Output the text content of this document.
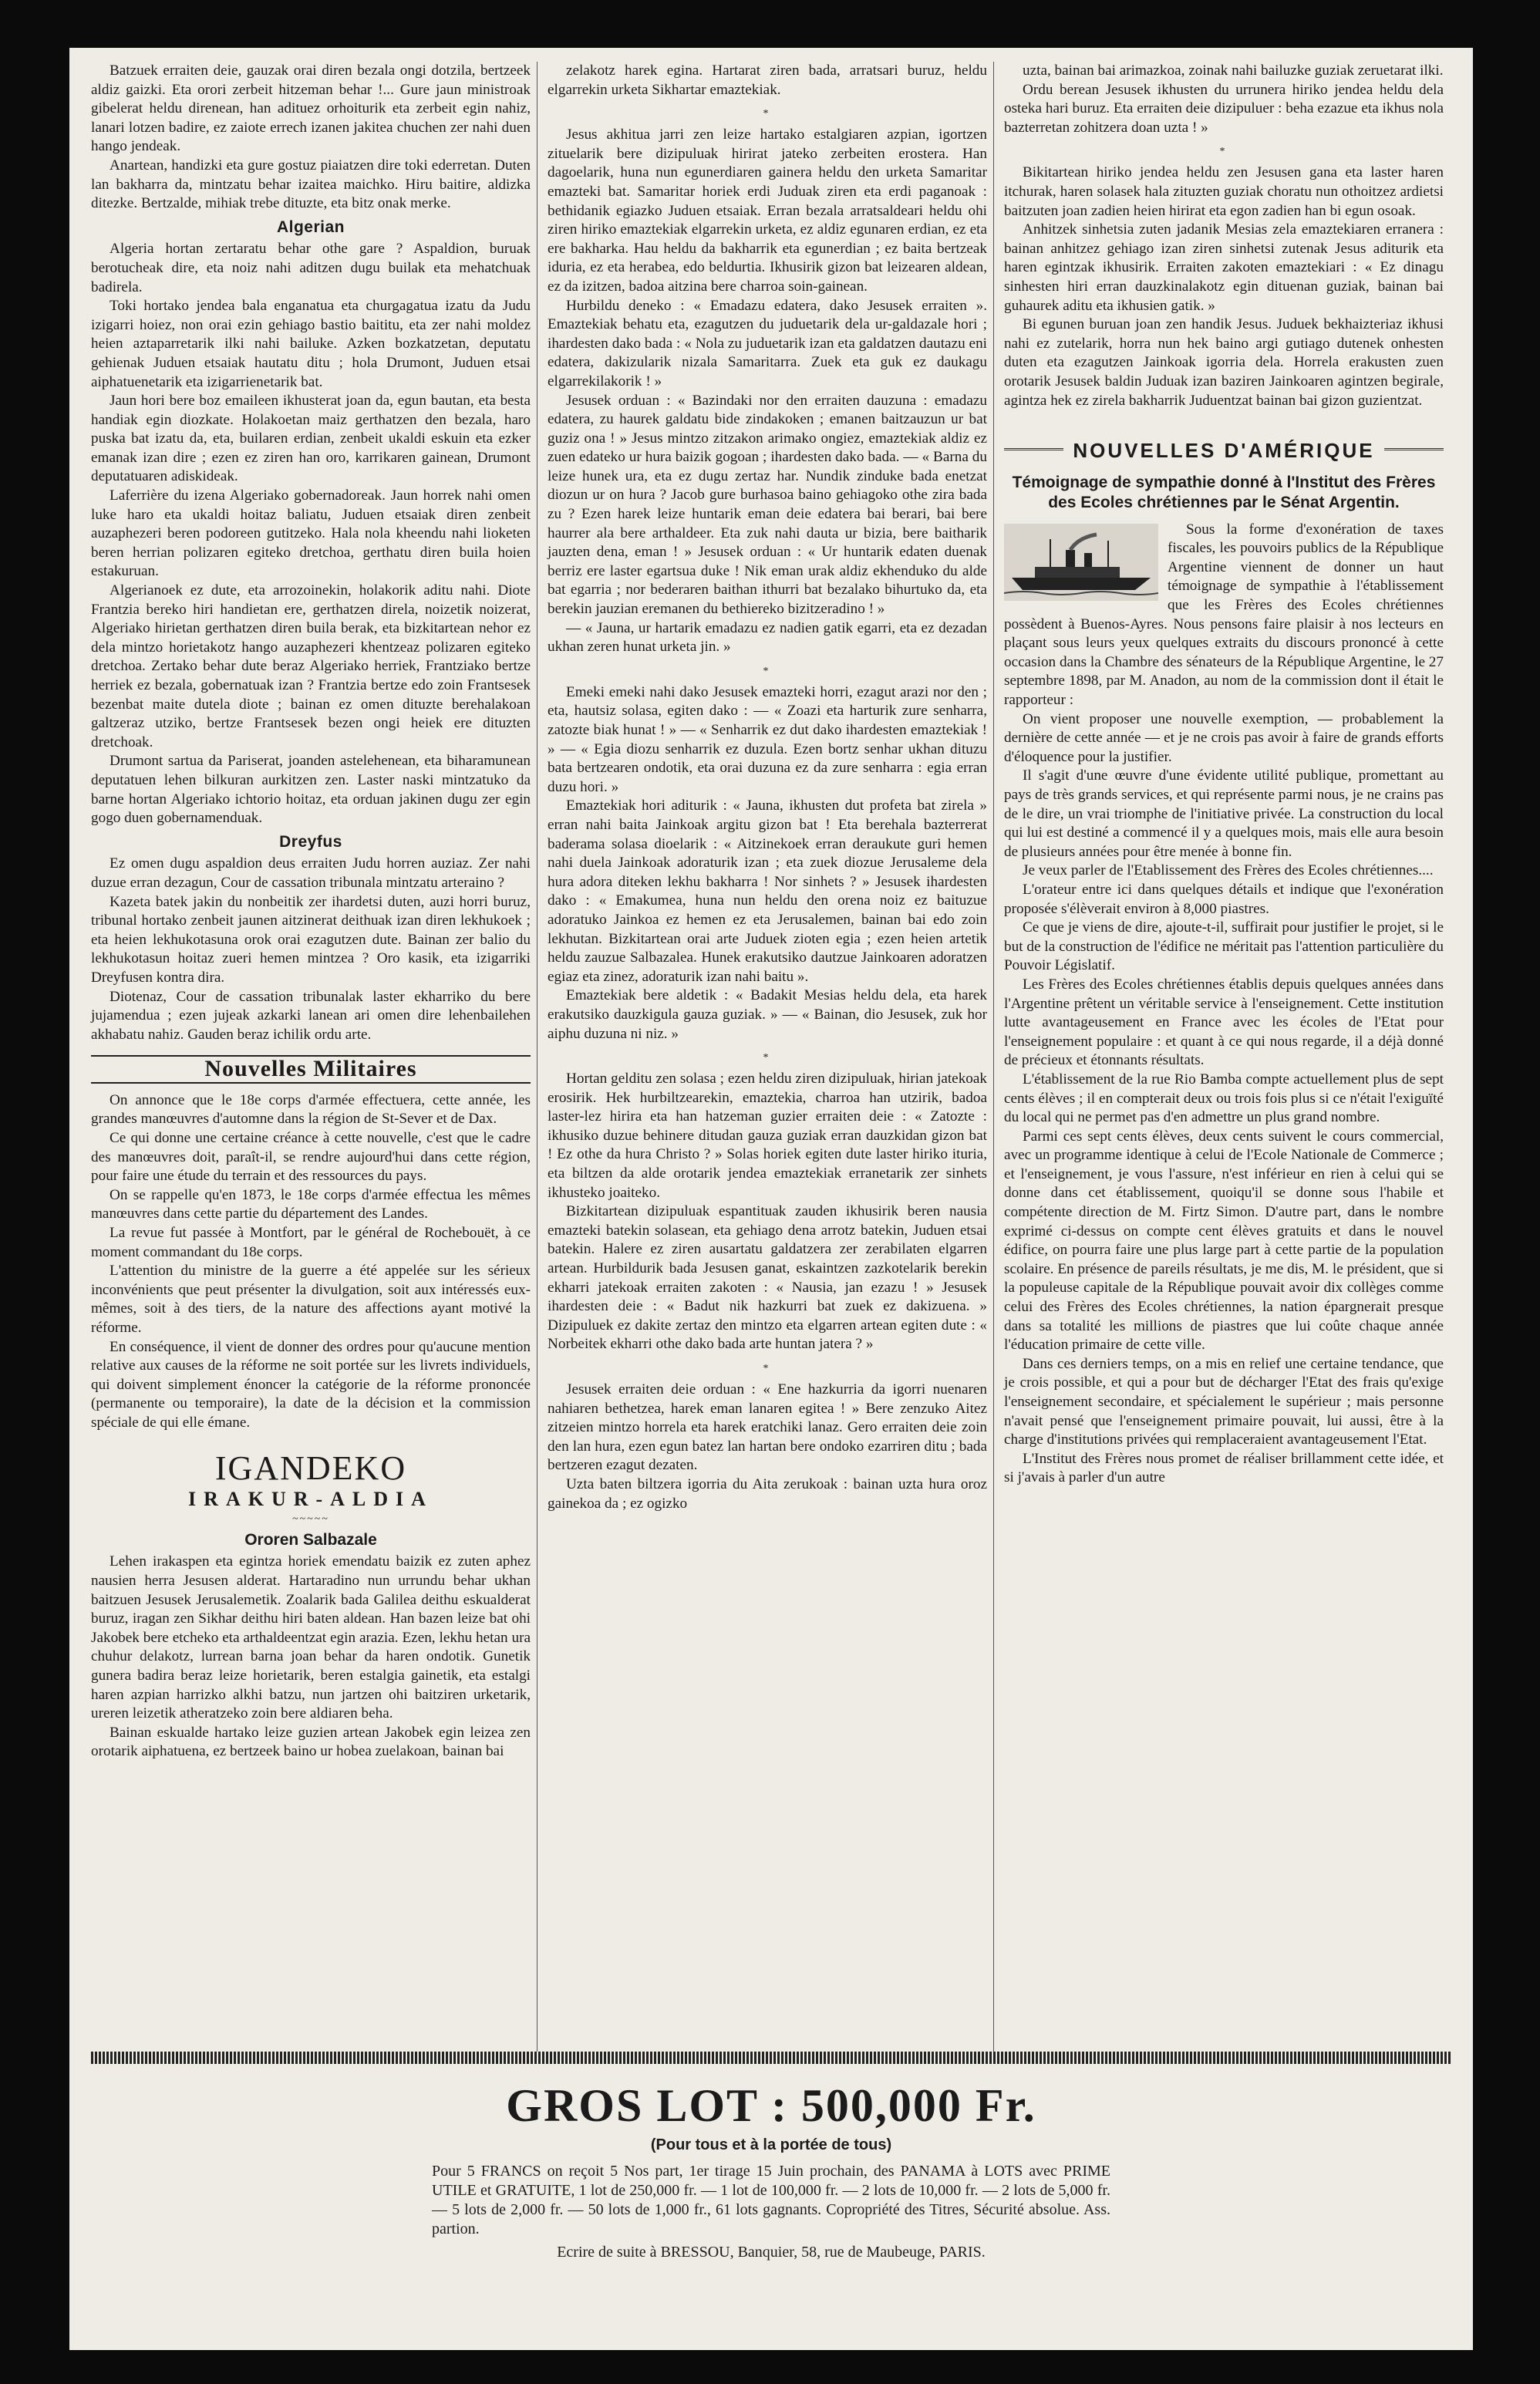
Batzuek erraiten deie, gauzak orai diren bezala ongi dotzila, bertzeek aldiz gaizki. Eta orori zerbeit hitzeman behar !... Gure jaun ministroak gibelerat heldu direnean, han adituez orhoiturik eta zerbeit egin nahiz, lanari lotzen badire, ez zaiote errech izanen jakitea chuchen zer nahi duen hango jendeak.

Anartean, handizki eta gure gostuz piaiatzen dire toki ederretan. Duten lan bakharra da, mintzatu behar izaitea maichko. Hiru baitire, aldizka ditezke. Bertzalde, mihiak trebe dituzte, eta bitz onak merke.

Algerian

Algeria hortan zertaratu behar othe gare ? Aspaldion, buruak berotucheak dire, eta noiz nahi aditzen dugu builak eta mehatchuak badirela.

Toki hortako jendea bala enganatua eta churgagatua izatu da Judu izigarri hoiez, non orai ezin gehiago bastio baititu, eta zer nahi moldez heien aztaparretarik ilki nahi bailuke. Azken bozkatzetan, deputatu gehienak Juduen etsaiak hautatu ditu ; hola Drumont, Juduen etsai aiphatuenetarik eta izigarrienetarik bat.

Jaun hori bere boz emaileen ikhusterat joan da, egun bautan, eta besta handiak egin diozkate. Holakoetan maiz gerthatzen den bezala, haro puska bat izatu da, eta, builaren erdian, zenbeit ukaldi eskuin eta ezker emanak izan dire ; ezen ez ziren han oro, karrikaren gainean, Drumont deputatuaren adiskideak.

Laferrière du izena Algeriako gobernadoreak. Jaun horrek nahi omen luke haro eta ukaldi hoitaz baliatu, Juduen etsaiak diren zenbeit auzaphezeri beren podoreen gutitzeko. Hala nola kheendu nahi lioketen beren herrian polizaren egiteko dretchoa, gerthatu diren buila hoien estakuruan.

Algerianoek ez dute, eta arrozoinekin, holakorik aditu nahi. Diote Frantzia bereko hiri handietan ere, gerthatzen direla, noizetik noizerat, Algeriako hirietan gerthatzen diren buila berak, eta bizkitartean nehor ez dela mintzo horietakotz hango auzaphezeri khentzeaz polizaren egiteko dretchoa. Zertako behar dute beraz Algeriako herriek, Frantziako bertze herriek ez bezala, gobernatuak izan ? Frantzia bertze edo zoin Frantsesek bezenbat maite dutela diote ; bainan ez omen dituzte berehalakoan galtzeraz utziko, bertze Frantsesek bezen ongi heiek ere dituzten dretchoak.

Drumont sartua da Pariserat, joanden astelehenean, eta biharamunean deputatuen lehen bilkuran aurkitzen zen. Laster naski mintzatuko da barne hortan Algeriako ichtorio hoitaz, eta orduan jakinen dugu zer egin gogo duen gobernamenduak.

Dreyfus

Ez omen dugu aspaldion deus erraiten Judu horren auziaz. Zer nahi duzue erran dezagun, Cour de cassation tribunala mintzatu arteraino ?

Kazeta batek jakin du nonbeitik zer ihardetsi duten, auzi horri buruz, tribunal hortako zenbeit jaunen aitzinerat deithuak izan diren lekhukoek ; eta heien lekhukotasuna orok orai ezagutzen dute. Bainan zer balio du lekhukotasun hoitaz zueri hemen mintzea ? Oro kasik, eta izigarriki Dreyfusen kontra dira.

Diotenaz, Cour de cassation tribunalak laster ekharriko du bere jujamendua ; ezen jujeak azkarki lanean ari omen dire lehenbailehen akhabatu nahiz. Gauden beraz ichilik ordu arte.

Nouvelles Militaires

On annonce que le 18e corps d'armée effectuera, cette année, les grandes manœuvres d'automne dans la région de St-Sever et de Dax.

Ce qui donne une certaine créance à cette nouvelle, c'est que le cadre des manœuvres doit, paraît-il, se rendre aujourd'hui dans cette région, pour faire une étude du terrain et des ressources du pays.

On se rappelle qu'en 1873, le 18e corps d'armée effectua les mêmes manœuvres dans cette partie du département des Landes.

La revue fut passée à Montfort, par le général de Rochebouët, à ce moment commandant du 18e corps.

L'attention du ministre de la guerre a été appelée sur les sérieux inconvénients que peut présenter la divulgation, soit aux intéressés eux-mêmes, soit à des tiers, de la nature des affections ayant motivé la réforme.

En conséquence, il vient de donner des ordres pour qu'aucune mention relative aux causes de la réforme ne soit portée sur les livrets individuels, qui doivent simplement énoncer la catégorie de la réforme prononcée (permanente ou temporaire), la date de la décision et la commission spéciale de qui elle émane.

IGANDEKO
IRAKUR-ALDIA
~~~~~
Ororen Salbazale

Lehen irakaspen eta egintza horiek emendatu baizik ez zuten aphez nausien herra Jesusen alderat. Hartaradino nun urrundu behar ukhan baitzuen Jesusek Jerusalemetik. Zoalarik bada Galilea deithu eskualderat buruz, iragan zen Sikhar deithu hiri baten aldean. Han bazen leize bat ohi Jakobek bere etcheko eta arthaldeentzat egin arazia. Ezen, lekhu hetan ura chuhur delakotz, lurrean barna joan behar da haren ondotik. Gunetik gunera badira beraz leize horietarik, beren estalgia gainetik, eta estalgi haren azpian harrizko alkhi batzu, nun jartzen ohi baitziren urketarik, ureren leizetik atheratzeko zoin bere aldiaren beha.

Bainan eskualde hartako leize guzien artean Jakobek egin leizea zen orotarik aiphatuena, ez bertzeek baino ur hobea zuelakoan, bainan bai

zelakotz harek egina. Hartarat ziren bada, arratsari buruz, heldu elgarrekin urketa Sikhartar emaztekiak.

*

Jesus akhitua jarri zen leize hartako estalgiaren azpian, igortzen zituelarik bere dizipuluak hirirat jateko zerbeiten erostera. Han dagoelarik, huna nun egunerdiaren gainera heldu den urketa Samaritar emazteki bat. Samaritar horiek erdi Juduak ziren eta erdi paganoak : bethidanik egiazko Juduen etsaiak. Erran bezala arratsaldeari heldu ohi ziren hiriko emaztekiak elgarrekin urketa, ez aldiz egunaren erdian, ez eta ere bakharka. Hau heldu da bakharrik eta egunerdian ; ez baita bertzeak iduria, ez eta herabea, edo beldurtia. Ikhusirik gizon bat leizearen aldean, ez da izitzen, badoa aitzina bere charroa soin-gainean.

Hurbildu deneko : « Emadazu edatera, dako Jesusek erraiten ». Emaztekiak behatu eta, ezagutzen du juduetarik dela ur-galdazale hori ; ihardesten dako bada : « Nola zu juduetarik izan eta galdatzen dautazu eni edatera, dakizularik nizala Samaritarra. Zuek eta guk ez daukagu elgarrekilakorik ! »

Jesusek orduan : « Bazindaki nor den erraiten dauzuna : emadazu edatera, zu haurek galdatu bide zindakoken ; emanen baitzauzun ur bat guziz ona ! » Jesus mintzo zitzakon arimako ongiez, emaztekiak aldiz ez zuen edateko ur hura baizik gogoan ; ihardesten dako bada. — « Barna du leize hunek ura, eta ez dugu zertaz har. Nundik zinduke bada enetzat diozun ur on hura ? Jacob gure burhasoa baino gehiagoko othe zira bada zu ? Ezen harek leize huntarik eman deie edatera bai berari, bai bere haurrer ala bere arthaldeer. Eta zuk nahi dauta ur bizia, bere baitharik jauzten dena, eman ! » Jesusek orduan : « Ur huntarik edaten duenak berriz ere laster egartsua duke ! Nik eman urak aldiz ekhenduko du alde bat egarria ; nor bederaren baithan ithurri bat bezalako bihurtuko da, eta berekin jauzian eremanen du bethiereko bizitzeradino ! »

— « Jauna, ur hartarik emadazu ez nadien gatik egarri, eta ez dezadan ukhan zeren hunat urketa jin. »

*

Emeki emeki nahi dako Jesusek emazteki horri, ezagut arazi nor den ; eta, hautsiz solasa, egiten dako : — « Zoazi eta harturik zure senharra, zatozte biak hunat ! » — « Senharrik ez dut dako ihardesten emaztekiak ! » — « Egia diozu senharrik ez duzula. Ezen bortz senhar ukhan dituzu bata bertzearen ondotik, eta orai duzuna ez da zure senharra : egia erran duzu hori. »

Emaztekiak hori aditurik : « Jauna, ikhusten dut profeta bat zirela » erran nahi baita Jainkoak argitu gizon bat ! Eta berehala bazterrerat baderama solasa dioelarik : « Aitzinekoek erran deraukute guri hemen nahi duela Jainkoak adoraturik izan ; eta zuek diozue Jerusaleme dela hura adora diteken lekhu bakharra ! Nor sinhets ? » Jesusek ihardesten dako : « Emakumea, huna nun heldu den orena noiz ez baituzue adoratuko Jainkoa ez hemen ez eta Jerusalemen, bainan bai edo zoin lekhutan. Bizkitartean orai arte Juduek zioten egia ; ezen heien artetik heldu zauzue Salbazalea. Hunek erakutsiko dautzue Jainkoaren adoratzen egiaz eta zinez, adoraturik izan nahi baitu ».

Emaztekiak bere aldetik : « Badakit Mesias heldu dela, eta harek erakutsiko dauzkigula gauza guziak. » — « Bainan, dio Jesusek, zuk hor aiphu duzuna ni niz. »

*

Hortan gelditu zen solasa ; ezen heldu ziren dizipuluak, hirian jatekoak erosirik. Hek hurbiltzearekin, emaztekia, charroa han utzirik, badoa laster-lez hirira eta han hatzeman guzier erraiten deie : « Zatozte : ikhusiko duzue behinere ditudan gauza guziak erran dauzkidan gizon bat ! Ez othe da hura Christo ? » Solas horiek egiten dute laster hiriko ituria, eta biltzen da alde orotarik jendea emaztekiak erranetarik zer sinhets ikhusteko joaiteko.

Bizkitartean dizipuluak espantituak zauden ikhusirik beren nausia emazteki batekin solasean, eta gehiago dena arrotz batekin, Juduen etsai batekin. Halere ez ziren ausartatu galdatzera zer zerabilaten elgarren artean. Hurbildurik bada Jesusen ganat, eskaintzen zazkotelarik berekin ekharri jatekoak erraiten zakoten : « Nausia, jan ezazu ! » Jesusek ihardesten deie : « Badut nik hazkurri bat zuek ez dakizuena. » Dizipuluek ez dakite zertaz den mintzo eta elgarren artean egiten dute : « Norbeitek ekharri othe dako bada arte huntan jatera ? »

*

Jesusek erraiten deie orduan : « Ene hazkurria da igorri nuenaren nahiaren bethetzea, harek eman lanaren egitea ! » Bere zenzuko Aitez zitzeien mintzo horrela eta harek eratchiki lanaz. Gero erraiten deie zoin den lan hura, ezen egun batez lan hartan bere ondoko ezarriren ditu ; bada bertzeren ezagut dezaten.

Uzta baten biltzera igorria du Aita zerukoak : bainan uzta hura oroz gainekoa da ; ez ogizko

uzta, bainan bai arimazkoa, zoinak nahi bailuzke guziak zeruetarat ilki.

Ordu berean Jesusek ikhusten du urrunera hiriko jendea heldu dela osteka hari buruz. Eta erraiten deie dizipuluer : beha ezazue eta ikhus nola bazterretan zohitzera doan uzta ! »

*

Bikitartean hiriko jendea heldu zen Jesusen gana eta laster haren itchurak, haren solasek hala zituzten guziak choratu nun othoitzez ardietsi baitzuten joan zadien heien hirirat eta egon zadien han bi egun osoak.

Anhitzek sinhetsia zuten jadanik Mesias zela emaztekiaren erranera : bainan anhitzez gehiago izan ziren sinhetsi zutenak Jesus aditurik eta haren egintzak ikhusirik. Erraiten zakoten emaztekiari : « Ez dinagu sinhesten hiri erran dauzkinalakotz egin dituenan guziak, bainan bai guhaurek aditu eta ikhusien gatik. »

Bi egunen buruan joan zen handik Jesus. Juduek bekhaizteriaz ikhusi nahi ez zutelarik, horra nun hek baino argi gutiago dutenek onhesten duten eta ezagutzen Jainkoak igorria dela. Horrela erakusten zuen orotarik Jesusek baldin Juduak izan baziren Jainkoaren agintzen begirale, agintza hek ez zirela bakharrik Juduentzat bainan bai gizon guzientzat.

NOUVELLES D'AMÉRIQUE
Témoignage de sympathie donné à l'Institut des Frères des Ecoles chrétiennes par le Sénat Argentin.

Sous la forme d'exonération de taxes fiscales, les pouvoirs publics de la République Argentine viennent de donner un haut témoignage de sympathie à l'établissement que les Frères des Ecoles chrétiennes possèdent à Buenos-Ayres. Nous pensons faire plaisir à nos lecteurs en plaçant sous leurs yeux quelques extraits du discours prononcé à cette occasion dans la Chambre des sénateurs de la République Argentine, le 27 septembre 1898, par M. Anadon, au nom de la commission dont il était le rapporteur :

On vient proposer une nouvelle exemption, — probablement la dernière de cette année — et je ne crois pas avoir à faire de grands efforts d'éloquence pour la justifier.

Il s'agit d'une œuvre d'une évidente utilité publique, promettant au pays de très grands services, et qui représente parmi nous, je ne crains pas de le dire, un vrai triomphe de l'initiative privée. La construction du local qui lui est destiné a commencé il y a quelques mois, mais elle aura besoin de plusieurs années pour être menée à bonne fin.

Je veux parler de l'Etablissement des Frères des Ecoles chrétiennes....

L'orateur entre ici dans quelques détails et indique que l'exonération proposée s'élèverait environ à 8,000 piastres.

Ce que je viens de dire, ajoute-t-il, suffirait pour justifier le projet, si le but de la construction de l'édifice ne méritait pas l'attention particulière du Pouvoir Législatif.

Les Frères des Ecoles chrétiennes établis depuis quelques années dans l'Argentine prêtent un véritable service à l'enseignement. Cette institution lutte avantageusement en France avec les écoles de l'Etat pour l'enseignement populaire : et quant à ce qui nous regarde, il a déjà donné de précieux et étonnants résultats.

L'établissement de la rue Rio Bamba compte actuellement plus de sept cents élèves ; il en compterait deux ou trois fois plus si ce n'était l'exiguïté du local qui ne permet pas d'en admettre un plus grand nombre.

Parmi ces sept cents élèves, deux cents suivent le cours commercial, avec un programme identique à celui de l'Ecole Nationale de Commerce ; et l'enseignement, je vous l'assure, n'est inférieur en rien à celui qui se donne dans cet établissement, quoiqu'il se donne sous l'habile et compétente direction de M. Firtz Simon. D'autre part, dans le nombre exprimé ci-dessus on compte cent élèves gratuits et dans le nouvel édifice, on pourra faire une plus large part à cette partie de la population scolaire. En présence de pareils résultats, je me dis, M. le président, que si la populeuse capitale de la République pouvait avoir dix collèges comme celui des Frères des Ecoles chrétiennes, la nation épargnerait presque dans sa totalité les millions de piastres que lui coûte chaque année l'éducation primaire de cette ville.

Dans ces derniers temps, on a mis en relief une certaine tendance, que je crois possible, et qui a pour but de décharger l'Etat des frais qu'exige l'enseignement secondaire, et spécialement le supérieur ; mais personne n'avait pensé que l'enseignement primaire pouvait, lui aussi, être à la charge d'institutions privées qui remplaceraient avantageusement l'Etat.

L'Institut des Frères nous promet de réaliser brillamment cette idée, et si j'avais à parler d'un autre

GROS LOT : 500,000 Fr.
(Pour tous et à la portée de tous)
Pour 5 FRANCS on reçoit 5 Nos part, 1er tirage 15 Juin prochain, des PANAMA à LOTS avec PRIME UTILE et GRATUITE, 1 lot de 250,000 fr. — 1 lot de 100,000 fr. — 2 lots de 10,000 fr. — 2 lots de 5,000 fr. — 5 lots de 2,000 fr. — 50 lots de 1,000 fr., 61 lots gagnants. Copropriété des Titres, Sécurité absolue. Ass. partion.
Ecrire de suite à BRESSOU, Banquier, 58, rue de Maubeuge, PARIS.
